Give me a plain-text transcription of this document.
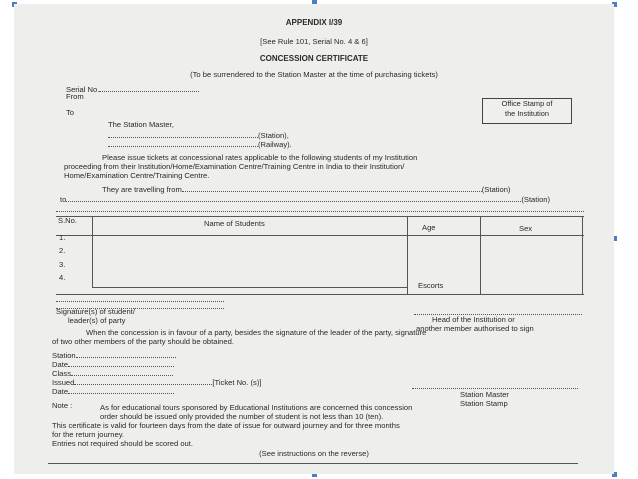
APPENDIX I/39
[See Rule 101, Serial No. 4 & 6]
CONCESSION CERTIFICATE
(To be surrendered to the Station Master at the time of purchasing tickets)
Serial No.
From
To
Office Stamp of
the Institution
The Station Master,
(Station),
(Railway).
Please issue tickets at concessional rates applicable to the following students of my Institution
proceeding from their Institution/Home/Examination Centre/Training Centre in India to their Institution/
Home/Examination Centre/Training Centre.
They are travelling from	(Station)
to	(Station)
S.No.	Name of Students	Age	Sex
1.
2.
3.
4.
Escorts
Signature(s) of student/
leader(s) of party	Head of the Institution or
another member authorised to sign
When the concession is in favour of a party, besides the signature of the leader of the party, signature
of two other members of the party should be obtained.
Station
Date
Class
Issued	[Ticket No. (s)]
Date	Station Master
Station Stamp
Note :	As for educational tours sponsored by Educational Institutions are concerned this concession
order should be issued only provided the number of student is not less than 10 (ten).
This certificate is valid for fourteen days from the date of issue for outward journey and for three months
for the return journey.
Entries not required should be scored out.
(See instructions on the reverse)
